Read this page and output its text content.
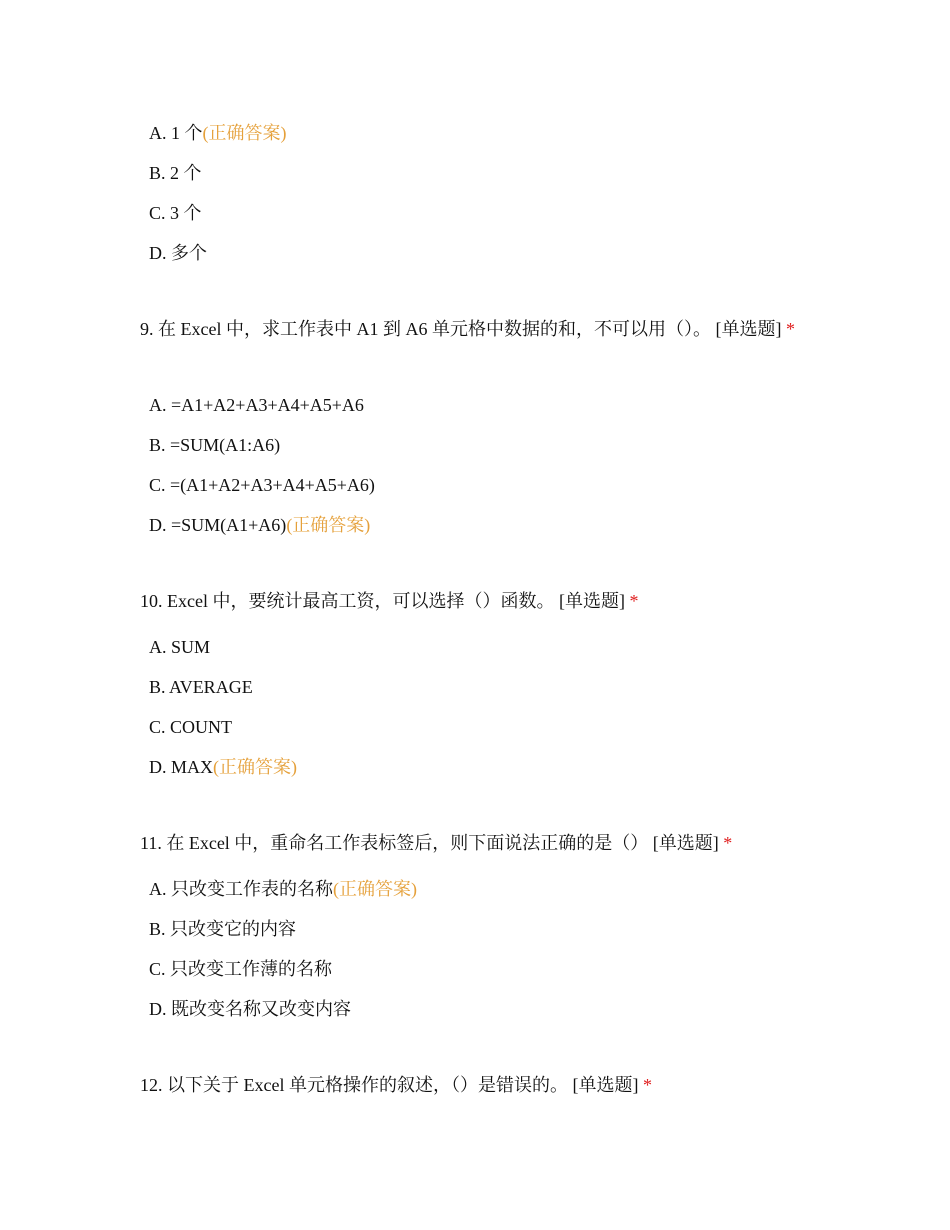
A. 1 个(正确答案)
B. 2 个
C. 3 个
D. 多个
9. 在 Excel 中，求工作表中 A1 到 A6 单元格中数据的和，不可以用（）。 [单选题] *
A. =A1+A2+A3+A4+A5+A6
B. =SUM(A1:A6)
C. =(A1+A2+A3+A4+A5+A6)
D. =SUM(A1+A6)(正确答案)
10. Excel 中，要统计最高工资，可以选择（）函数。 [单选题] *
A. SUM
B. AVERAGE
C. COUNT
D. MAX(正确答案)
11. 在 Excel 中，重命名工作表标签后，则下面说法正确的是（） [单选题] *
A. 只改变工作表的名称(正确答案)
B. 只改变它的内容
C. 只改变工作薄的名称
D. 既改变名称又改变内容
12. 以下关于 Excel 单元格操作的叙述，（）是错误的。 [单选题] *
